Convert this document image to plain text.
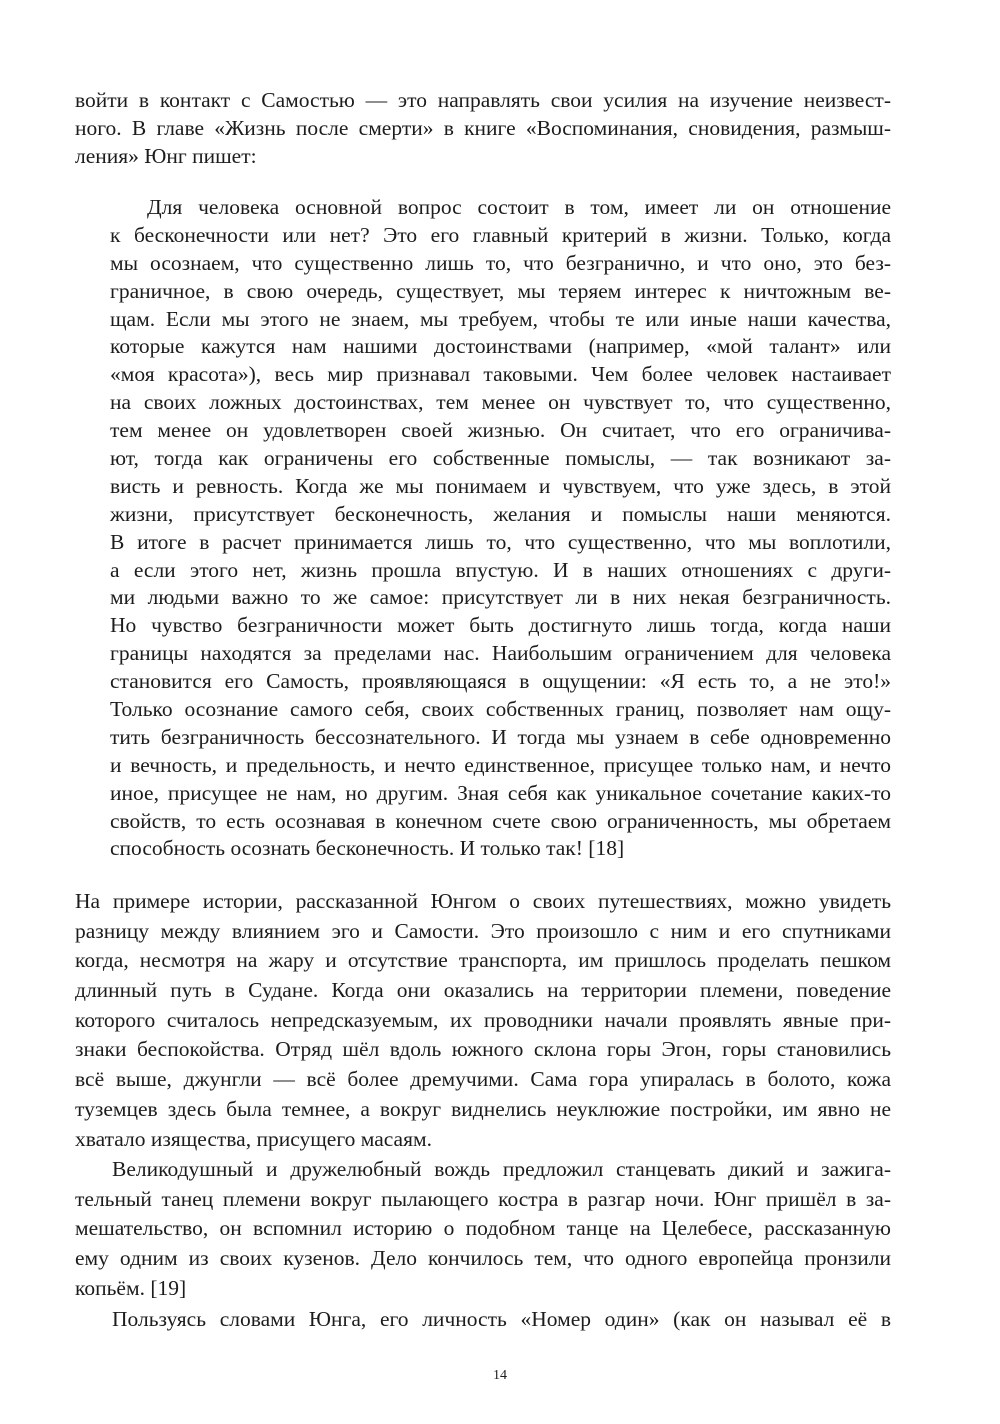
войти в контакт с Самостью — это направлять свои усилия на изучение неизвест-
ного. В главе «Жизнь после смерти» в книге «Воспоминания, сновидения, размыш-
ления» Юнг пишет:
Для человека основной вопрос состоит в том, имеет ли он отношение
к бесконечности или нет? Это его главный критерий в жизни. Только, когда
мы осознаем, что существенно лишь то, что безгранично, и что оно, это без-
граничное, в свою очередь, существует, мы теряем интерес к ничтожным ве-
щам. Если мы этого не знаем, мы требуем, чтобы те или иные наши качества,
которые кажутся нам нашими достоинствами (например, «мой талант» или
«моя красота»), весь мир признавал таковыми. Чем более человек настаивает
на своих ложных достоинствах, тем менее он чувствует то, что существенно,
тем менее он удовлетворен своей жизнью. Он считает, что его ограничива-
ют, тогда как ограничены его собственные помыслы, — так возникают за-
висть и ревность. Когда же мы понимаем и чувствуем, что уже здесь, в этой
жизни, присутствует бесконечность, желания и помыслы наши меняются.
В итоге в расчет принимается лишь то, что существенно, что мы воплотили,
а если этого нет, жизнь прошла впустую. И в наших отношениях с други-
ми людьми важно то же самое: присутствует ли в них некая безграничность.
Но чувство безграничности может быть достигнуто лишь тогда, когда наши
границы находятся за пределами нас. Наибольшим ограничением для человека
становится его Самость, проявляющаяся в ощущении: «Я есть то, а не это!»
Только осознание самого себя, своих собственных границ, позволяет нам ощу-
тить безграничность бессознательного. И тогда мы узнаем в себе одновременно
и вечность, и предельность, и нечто единственное, присущее только нам, и нечто
иное, присущее не нам, но другим. Зная себя как уникальное сочетание каких-то
свойств, то есть осознавая в конечном счете свою ограниченность, мы обретаем
способность осознать бесконечность. И только так! [18]
На примере истории, рассказанной Юнгом о своих путешествиях, можно увидеть
разницу между влиянием эго и Самости. Это произошло с ним и его спутниками
когда, несмотря на жару и отсутствие транспорта, им пришлось проделать пешком
длинный путь в Судане. Когда они оказались на территории племени, поведение
которого считалось непредсказуемым, их проводники начали проявлять явные при-
знаки беспокойства. Отряд шёл вдоль южного склона горы Эгон, горы становились
всё выше, джунгли — всё более дремучими. Сама гора упиралась в болото, кожа
туземцев здесь была темнее, а вокруг виднелись неуклюжие постройки, им явно не
хватало изящества, присущего масаям.
Великодушный и дружелюбный вождь предложил станцевать дикий и зажига-
тельный танец племени вокруг пылающего костра в разгар ночи. Юнг пришёл в за-
мешательство, он вспомнил историю о подобном танце на Целебесе, рассказанную
ему одним из своих кузенов. Дело кончилось тем, что одного европейца пронзили
копьём. [19]
Пользуясь словами Юнга, его личность «Номер один» (как он называл её в
14
